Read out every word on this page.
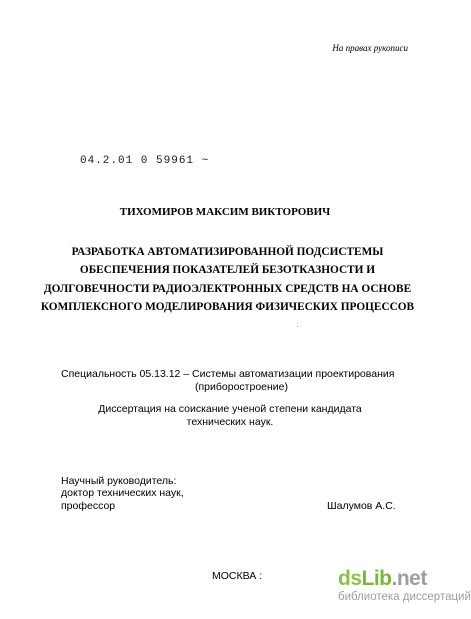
На правах рукописи
04.2.01 0 59961 ~
ТИХОМИРОВ МАКСИМ ВИКТОРОВИЧ
РАЗРАБОТКА АВТОМАТИЗИРОВАННОЙ ПОДСИСТЕМЫ
ОБЕСПЕЧЕНИЯ ПОКАЗАТЕЛЕЙ БЕЗОТКАЗНОСТИ И
ДОЛГОВЕЧНОСТИ РАДИОЭЛЕКТРОННЫХ СРЕДСТВ НА ОСНОВЕ
КОМПЛЕКСНОГО МОДЕЛИРОВАНИЯ ФИЗИЧЕСКИХ ПРОЦЕССОВ
·
Специальность 05.13.12 – Системы автоматизации проектирования
(приборостроение)
Диссертация на соискание ученой степени кандидата
технических наук.
Научный руководитель:
доктор технических наук,
профессор	Шалумов А.С.
МОСКВА :	dsLib.net
библиотека диссертаций
